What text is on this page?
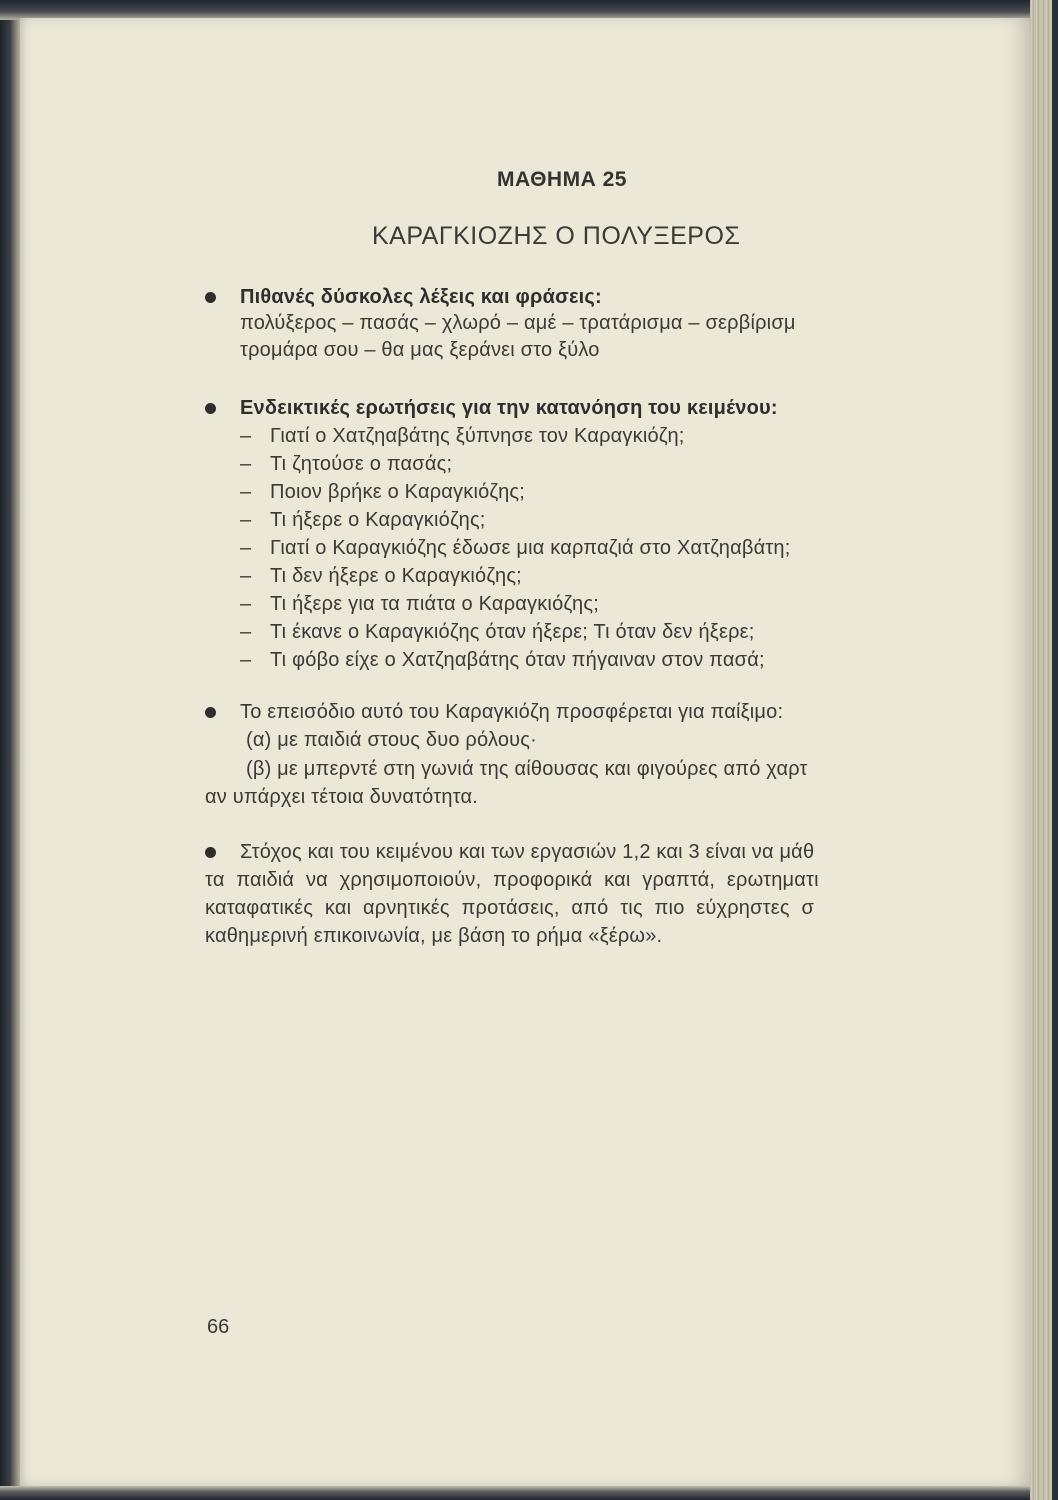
ΜΑΘΗΜΑ 25
ΚΑΡΑΓΚΙΟΖΗΣ Ο ΠΟΛΥΞΕΡΟΣ
Πιθανές δύσκολες λέξεις και φράσεις:
πολύξερος – πασάς – χλωρό – αμέ – τρατάρισμα – σερβίρισμ
τρομάρα σου – θα μας ξεράνει στο ξύλο
Ενδεικτικές ερωτήσεις για την κατανόηση του κειμένου:
– Γιατί ο Χατζηαβάτης ξύπνησε τον Καραγκιόζη;
– Τι ζητούσε ο πασάς;
– Ποιον βρήκε ο Καραγκιόζης;
– Τι ήξερε ο Καραγκιόζης;
– Γιατί ο Καραγκιόζης έδωσε μια καρπαζιά στο Χατζηαβάτη;
– Τι δεν ήξερε ο Καραγκιόζης;
– Τι ήξερε για τα πιάτα ο Καραγκιόζης;
– Τι έκανε ο Καραγκιόζης όταν ήξερε; Τι όταν δεν ήξερε;
– Τι φόβο είχε ο Χατζηαβάτης όταν πήγαιναν στον πασά;
Το επεισόδιο αυτό του Καραγκιόζη προσφέρεται για παίξιμο:
(α) με παιδιά στους δυο ρόλους·
(β) με μπερντέ στη γωνιά της αίθουσας και φιγούρες από χαρτ
αν υπάρχει τέτοια δυνατότητα.
Στόχος και του κειμένου και των εργασιών 1,2 και 3 είναι να μάθ
τα παιδιά να χρησιμοποιούν, προφορικά και γραπτά, ερωτηματι
καταφατικές και αρνητικές προτάσεις, από τις πιο εύχρηστες σ
καθημερινή επικοινωνία, με βάση το ρήμα «ξέρω».
66
